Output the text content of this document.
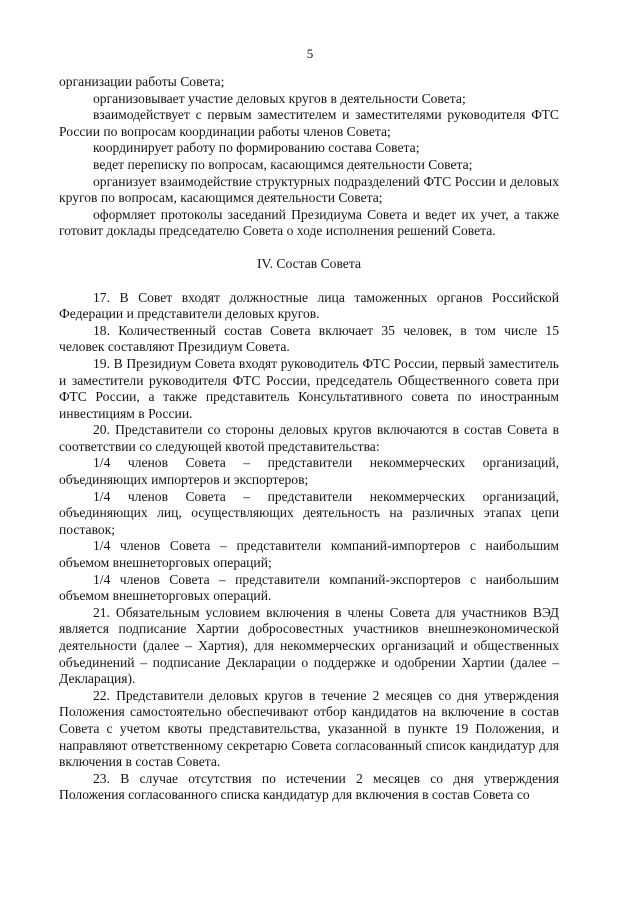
5

организации работы Совета;

организовывает участие деловых кругов в деятельности Совета;

взаимодействует с первым заместителем и заместителями руководителя ФТС России по вопросам координации работы членов Совета;

координирует работу по формированию состава Совета;

ведет переписку по вопросам, касающимся деятельности Совета;

организует взаимодействие структурных подразделений ФТС России и деловых кругов по вопросам, касающимся деятельности Совета;

оформляет протоколы заседаний Президиума Совета и ведет их учет, а также готовит доклады председателю Совета о ходе исполнения решений Совета.

IV. Состав Совета

17. В Совет входят должностные лица таможенных органов Российской Федерации и представители деловых кругов.

18. Количественный состав Совета включает 35 человек, в том числе 15 человек составляют Президиум Совета.

19. В Президиум Совета входят руководитель ФТС России, первый заместитель и заместители руководителя ФТС России, председатель Общественного совета при ФТС России, а также представитель Консультативного совета по иностранным инвестициям в России.

20. Представители со стороны деловых кругов включаются в состав Совета в соответствии со следующей квотой представительства:

1/4 членов Совета – представители некоммерческих организаций, объединяющих импортеров и экспортеров;

1/4 членов Совета – представители некоммерческих организаций, объединяющих лиц, осуществляющих деятельность на различных этапах цепи поставок;

1/4 членов Совета – представители компаний-импортеров с наибольшим объемом внешнеторговых операций;

1/4 членов Совета – представители компаний-экспортеров с наибольшим объемом внешнеторговых операций.

21. Обязательным условием включения в члены Совета для участников ВЭД является подписание Хартии добросовестных участников внешнеэкономической деятельности (далее – Хартия), для некоммерческих организаций и общественных объединений – подписание Декларации о поддержке и одобрении Хартии (далее – Декларация).

22. Представители деловых кругов в течение 2 месяцев со дня утверждения Положения самостоятельно обеспечивают отбор кандидатов на включение в состав Совета с учетом квоты представительства, указанной в пункте 19 Положения, и направляют ответственному секретарю Совета согласованный список кандидатур для включения в состав Совета.

23. В случае отсутствия по истечении 2 месяцев со дня утверждения Положения согласованного списка кандидатур для включения в состав Совета со
